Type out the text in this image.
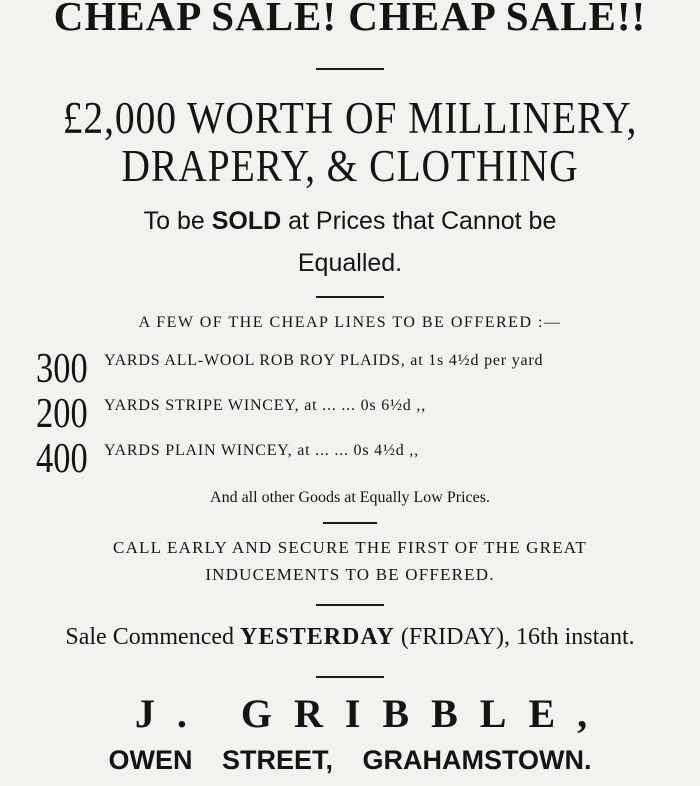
CHEAP SALE! CHEAP SALE!!
£2,000 WORTH OF MILLINERY,
DRAPERY, & CLOTHING
To be SOLD at Prices that Cannot be
Equalled.
A FEW OF THE CHEAP LINES TO BE OFFERED :—
300 YARDS ALL-WOOL ROB ROY PLAIDS, at 1s 4½d per yard
200 YARDS STRIPE WINCEY, at ... ... 0s 6½d ,,
400 YARDS PLAIN WINCEY, at ... ... 0s 4½d ,,
And all other Goods at Equally Low Prices.
CALL EARLY AND SECURE THE FIRST OF THE GREAT
INDUCEMENTS TO BE OFFERED.
Sale Commenced YESTERDAY (FRIDAY), 16th instant.
J. GRIBBLE,
OWEN STREET, GRAHAMSTOWN.
